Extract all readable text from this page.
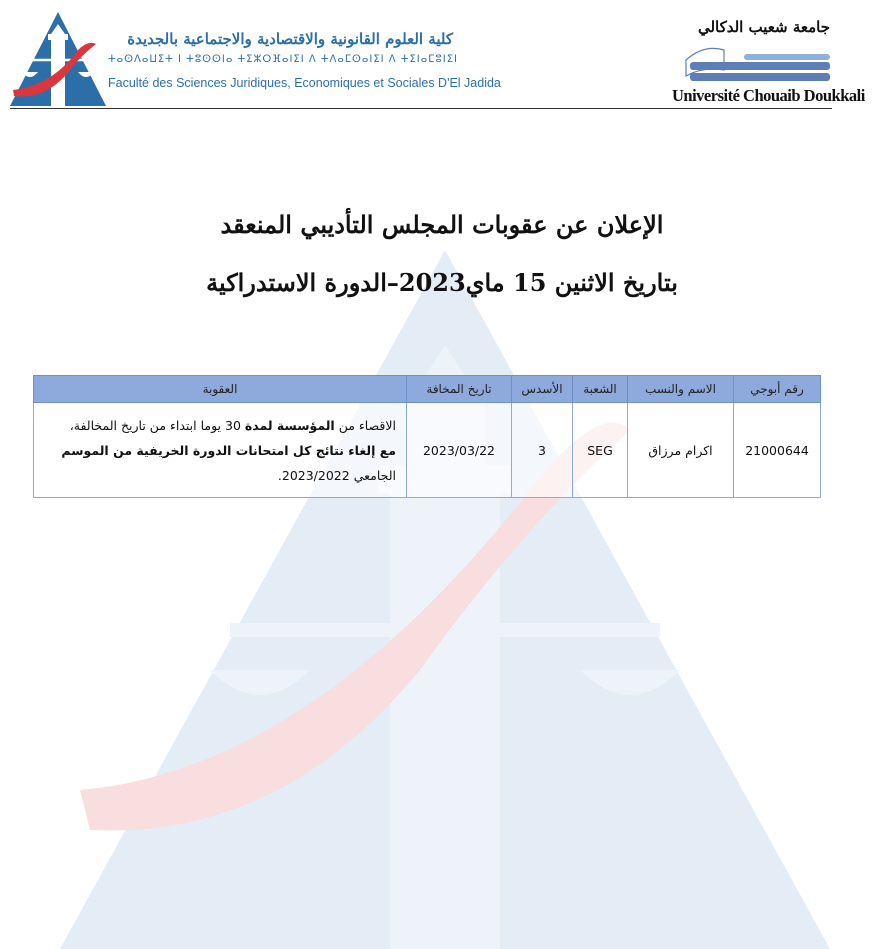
كلية العلوم القانونية والاقتصادية والاجتماعية بالجديدة
ⵜⴰⵙⴷⴰⵡⵉⵜ ⵏ ⵜⵓⵙⵙⵏⴰ ⵜⵉⵣⵔⴼⴰⵏⵉⵏ ⴷ ⵜⴷⴰⵎⵙⴰⵏⵉⵏ ⴷ ⵜⵉⵏⴰⵎⵓⵏⵉⵏ
Faculté des Sciences Juridiques, Economiques et Sociales D'El Jadida
جامعة شعيب الدكالي
Université Chouaib Doukkali
الإعلان عن عقوبات المجلس التأديبي المنعقد
بتاريخ الاثنين 15 ماي2023–الدورة الاستدراكية
رقم أبوجي	الاسم والنسب	الشعبة	الأسدس	تاريخ المخافة	العقوبة
21000644	اكرام مرزاق	SEG	3	2023/03/22	الاقصاء من المؤسسة لمدة 30 يوما ابتداء من تاريخ المخالفة،
مع إلغاء نتائج كل امتحانات الدورة الخريفية من الموسم
الجامعي 2023/2022.
